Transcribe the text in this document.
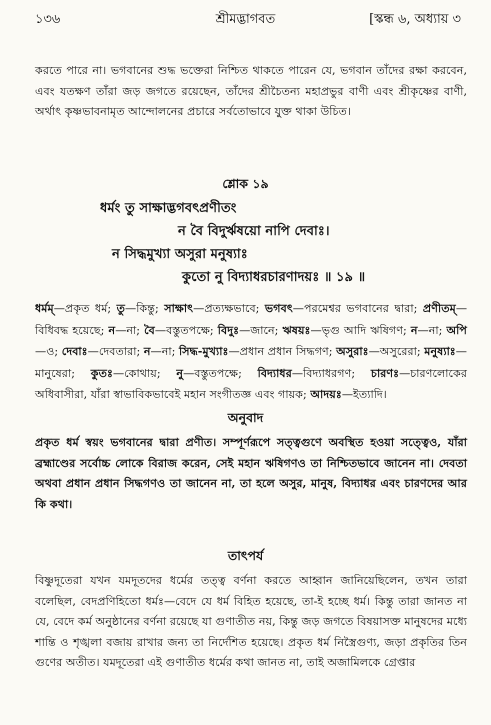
১৩৬	শ্রীমদ্ভাগবত	[স্কন্ধ ৬, অধ্যায় ৩
করতে পারে না। ভগবানের শুদ্ধ ভক্তেরা নিশ্চিত থাকতে পারেন যে, ভগবান তাঁদের রক্ষা করবেন, এবং যতক্ষণ তাঁরা জড় জগতে রয়েছেন, তাঁদের শ্রীচৈতন্য মহাপ্রভুর বাণী এবং শ্রীকৃষ্ণের বাণী, অর্থাৎ কৃষ্ণভাবনামৃত আন্দোলনের প্রচারে সর্বতোভাবে যুক্ত থাকা উচিত।
শ্লোক ১৯
ধর্মং তু সাক্ষাদ্ভগবৎপ্রণীতং
ন বৈ বিদুর্ঋষয়ো নাপি দেবাঃ।
ন সিদ্ধমুখ্যা অসুরা মনুষ্যাঃ
কুতো নু বিদ্যাধরচারণাদয়ঃ ॥ ১৯ ॥
ধর্মম্—প্রকৃত ধর্ম; তু—কিন্তু; সাক্ষাৎ—প্রত্যক্ষভাবে; ভগবৎ—পরমেশ্বর ভগবানের দ্বারা; প্রণীতম্—বিধিবদ্ধ হয়েছে; ন—না; বৈ—বস্তুতপক্ষে; বিদুঃ—জানে; ঋষয়ঃ—ভৃগু আদি ঋষিগণ; ন—না; অপি—ও; দেবাঃ—দেবতারা; ন—না; সিদ্ধ-মুখ্যাঃ—প্রধান প্রধান সিদ্ধগণ; অসুরাঃ—অসুরেরা; মনুষ্যাঃ—মানুষেরা; কুতঃ—কোথায়; নু—বস্তুতপক্ষে; বিদ্যাধর—বিদ্যাধরগণ; চারণঃ—চারণলোকের অধিবাসীরা, যাঁরা স্বাভাবিকভাবেই মহান সংগীতজ্ঞ এবং গায়ক; আদয়ঃ—ইত্যাদি।
অনুবাদ
প্রকৃত ধর্ম স্বয়ং ভগবানের দ্বারা প্রণীত। সম্পূর্ণরূপে সত্ত্বগুণে অবস্থিত হওয়া সত্ত্বেও, যাঁরা ব্রহ্মাণ্ডের সর্বোচ্চ লোকে বিরাজ করেন, সেই মহান ঋষিগণও তা নিশ্চিতভাবে জানেন না। দেবতা অথবা প্রধান প্রধান সিদ্ধগণও তা জানেন না, তা হলে অসুর, মানুষ, বিদ্যাধর এবং চারণদের আর কি কথা।
তাৎপর্য
বিষ্ণুদূতেরা যখন যমদূতদের ধর্মের তত্ত্ব বর্ণনা করতে আহ্বান জানিয়েছিলেন, তখন তারা বলেছিল, বেদপ্রণিহিতো ধর্মঃ—বেদে যে ধর্ম বিহিত হয়েছে, তা-ই হচ্ছে ধর্ম। কিন্তু তারা জানত না যে, বেদে কর্ম অনুষ্ঠানের বর্ণনা রয়েছে যা গুণাতীত নয়, কিন্তু জড় জগতে বিষয়াসক্ত মানুষদের মধ্যে শান্তি ও শৃঙ্খলা বজায় রাখার জন্য তা নির্দেশিত হয়েছে। প্রকৃত ধর্ম নিস্ত্রৈগুণ্য, জড়া প্রকৃতির তিন গুণের অতীত। যমদূতেরা এই গুণাতীত ধর্মের কথা জানত না, তাই অজামিলকে গ্রেপ্তার
